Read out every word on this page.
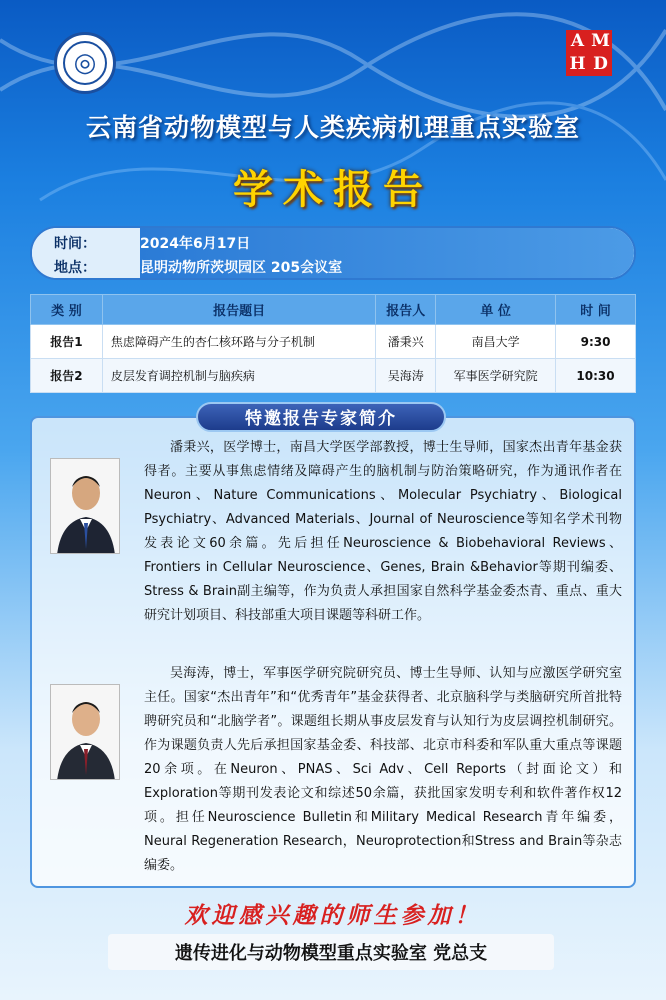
◎
A M
H D
云南省动物模型与人类疾病机理重点实验室
学术报告
时间：	2024年6月17日
地点：	昆明动物所茨坝园区 205会议室
类 别	报告题目	报告人	单 位	时 间
报告1	焦虑障碍产生的杏仁核环路与分子机制	潘秉兴	南昌大学	9:30
报告2	皮层发育调控机制与脑疾病	吴海涛	军事医学研究院	10:30
特邀报告专家简介
潘秉兴，医学博士，南昌大学医学部教授，博士生导师，国家杰出青年基金获得者。主要从事焦虑情绪及障碍产生的脑机制与防治策略研究，作为通讯作者在Neuron、Nature Communications、Molecular Psychiatry、Biological Psychiatry、Advanced Materials、Journal of Neuroscience等知名学术刊物发表论文60余篇。先后担任Neuroscience & Biobehavioral Reviews、Frontiers in Cellular Neuroscience、Genes, Brain &Behavior等期刊编委、Stress & Brain副主编等，作为负责人承担国家自然科学基金委杰青、重点、重大研究计划项目、科技部重大项目课题等科研工作。
吴海涛，博士，军事医学研究院研究员、博士生导师、认知与应激医学研究室主任。国家“杰出青年”和“优秀青年”基金获得者、北京脑科学与类脑研究所首批特聘研究员和“北脑学者”。课题组长期从事皮层发育与认知行为皮层调控机制研究。作为课题负责人先后承担国家基金委、科技部、北京市科委和军队重大重点等课题20余项。在Neuron、PNAS、Sci Adv、Cell Reports（封面论文）和Exploration等期刊发表论文和综述50余篇，获批国家发明专利和软件著作权12项。担任Neuroscience Bulletin和Military Medical Research青年编委，Neural Regeneration Research，Neuroprotection和Stress and Brain等杂志编委。
欢迎感兴趣的师生参加！
遗传进化与动物模型重点实验室 党总支
